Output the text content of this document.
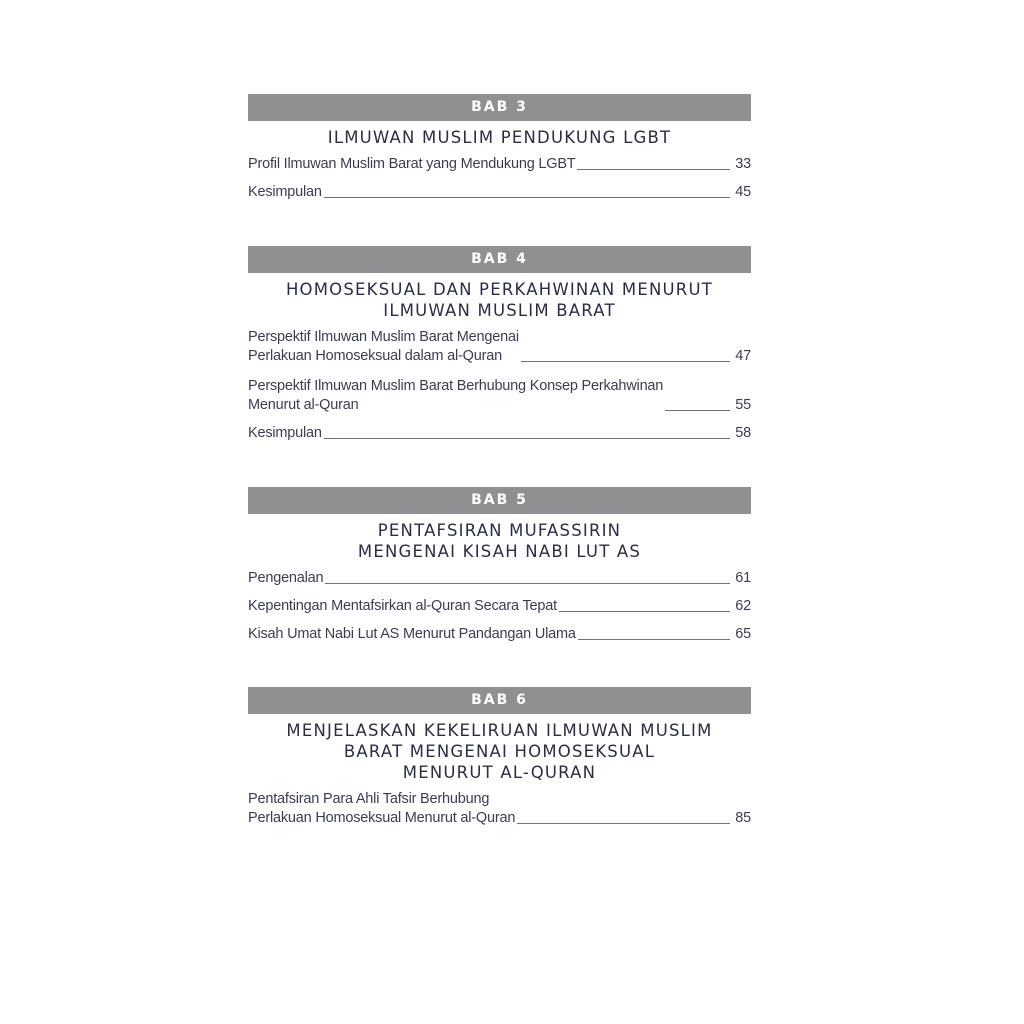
BAB 3
ILMUWAN MUSLIM PENDUKUNG LGBT
Profil Ilmuwan Muslim Barat yang Mendukung LGBT	33
Kesimpulan	45
BAB 4
HOMOSEKSUAL DAN PERKAHWINAN MENURUT
ILMUWAN MUSLIM BARAT
Perspektif Ilmuwan Muslim Barat Mengenai
Perlakuan Homoseksual dalam al-Quran	47
Perspektif Ilmuwan Muslim Barat Berhubung Konsep Perkahwinan
Menurut al-Quran	55
Kesimpulan	58
BAB 5
PENTAFSIRAN MUFASSIRIN
MENGENAI KISAH NABI LUT AS
Pengenalan	61
Kepentingan Mentafsirkan al-Quran Secara Tepat	62
Kisah Umat Nabi Lut AS Menurut Pandangan Ulama	65
BAB 6
MENJELASKAN KEKELIRUAN ILMUWAN MUSLIM
BARAT MENGENAI HOMOSEKSUAL
MENURUT AL-QURAN
Pentafsiran Para Ahli Tafsir Berhubung
Perlakuan Homoseksual Menurut al-Quran	85
